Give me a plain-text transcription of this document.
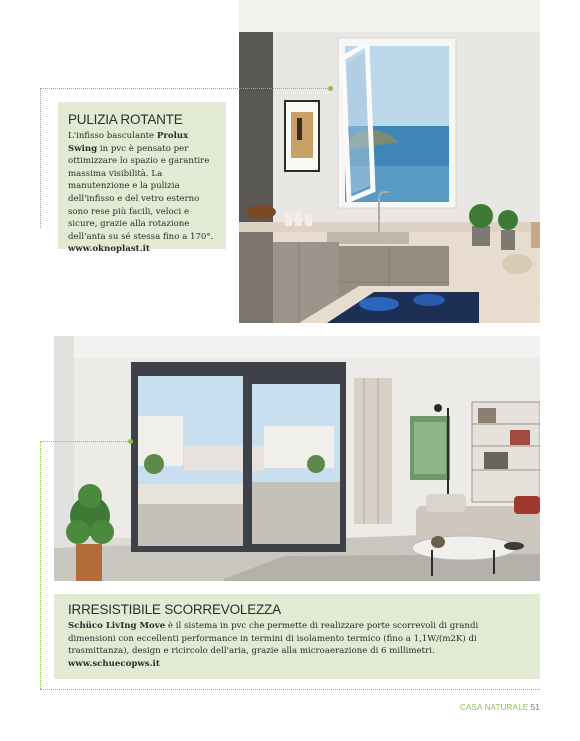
PULIZIA ROTANTE

L'infisso basculante Prolux Swing in pvc è pensato per ottimizzare lo spazio e garantire massima visibilità. La manutenzione e la pulizia dell'infisso e del vetro esterno sono rese più facili, veloci e sicure, grazie alla rotazione dell'anta su sé stessa fino a 170°.

www.oknoplast.it

IRRESISTIBILE SCORREVOLEZZA

Schüco LivIng Move è il sistema in pvc che permette di realizzare porte scorrevoli di grandi dimensioni con eccellenti performance in termini di isolamento termico (fino a 1,1W/(m2K) di trasmittanza), design e ricircolo dell'aria, grazie alla microaerazione di 6 millimetri.

www.schuecopws.it

CASA NATURALE 51
